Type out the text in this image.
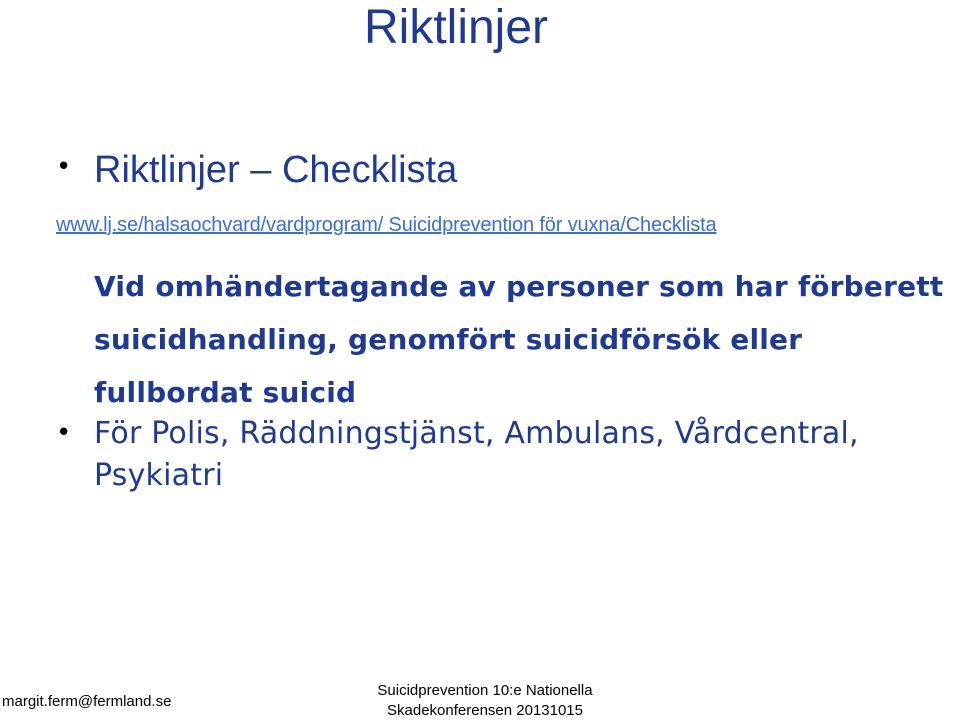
Riktlinjer
• Riktlinjer – Checklista
www.lj.se/halsaochvard/vardprogram/ Suicidprevention för vuxna/Checklista
Vid omhändertagande av personer som har förberett suicidhandling, genomfört suicidförsök eller fullbordat suicid
• För Polis, Räddningstjänst, Ambulans, Vårdcentral, Psykiatri
margit.ferm@fermland.se
Suicidprevention 10:e Nationella
Skadekonferensen 20131015
